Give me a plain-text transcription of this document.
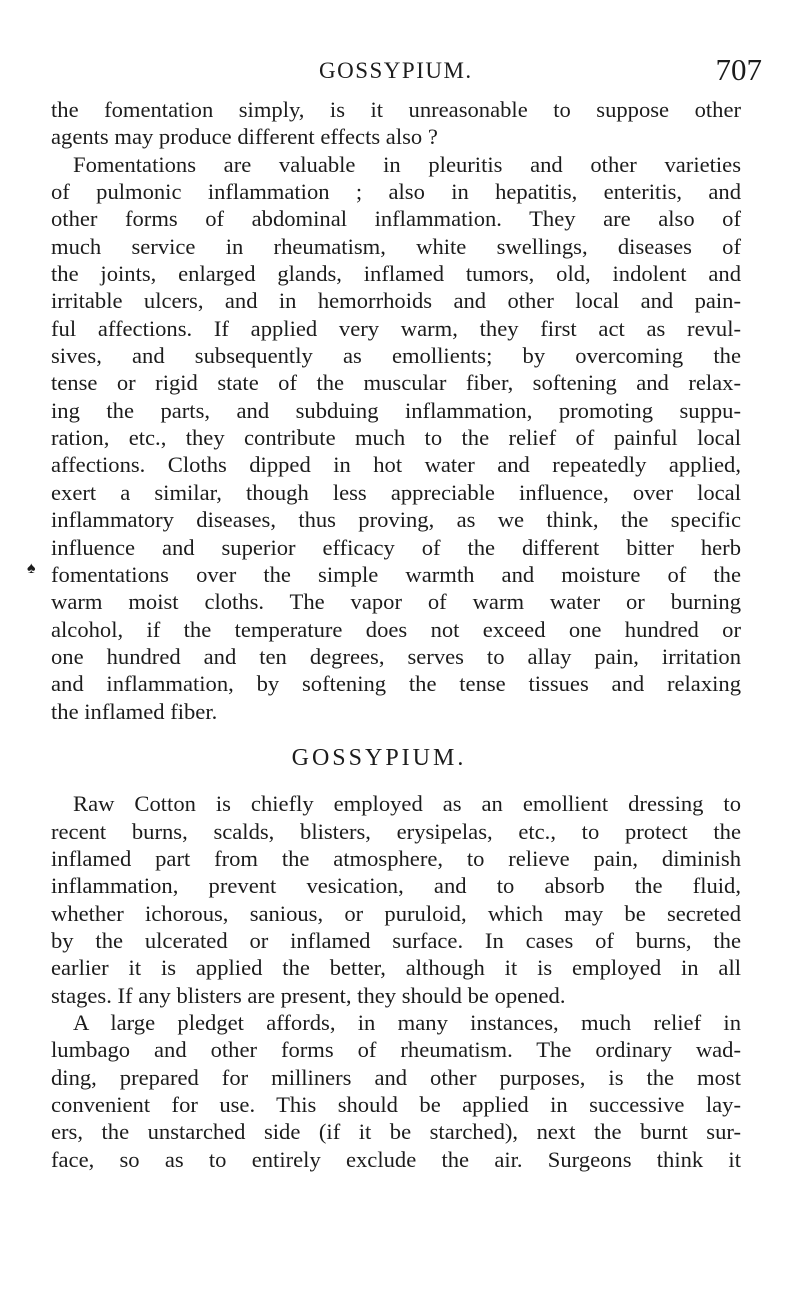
GOSSYPIUM.	707
♠
the fomentation simply, is it unreasonable to suppose other
agents may produce different effects also ?
Fomentations are valuable in pleuritis and other varieties
of pulmonic inflammation ; also in hepatitis, enteritis, and
other forms of abdominal inflammation. They are also of
much service in rheumatism, white swellings, diseases of
the joints, enlarged glands, inflamed tumors, old, indolent and
irritable ulcers, and in hemorrhoids and other local and pain-
ful affections. If applied very warm, they first act as revul-
sives, and subsequently as emollients; by overcoming the
tense or rigid state of the muscular fiber, softening and relax-
ing the parts, and subduing inflammation, promoting suppu-
ration, etc., they contribute much to the relief of painful local
affections. Cloths dipped in hot water and repeatedly applied,
exert a similar, though less appreciable influence, over local
inflammatory diseases, thus proving, as we think, the specific
influence and superior efficacy of the different bitter herb
fomentations over the simple warmth and moisture of the
warm moist cloths. The vapor of warm water or burning
alcohol, if the temperature does not exceed one hundred or
one hundred and ten degrees, serves to allay pain, irritation
and inflammation, by softening the tense tissues and relaxing
the inflamed fiber.
GOSSYPIUM.
Raw Cotton is chiefly employed as an emollient dressing to
recent burns, scalds, blisters, erysipelas, etc., to protect the
inflamed part from the atmosphere, to relieve pain, diminish
inflammation, prevent vesication, and to absorb the fluid,
whether ichorous, sanious, or puruloid, which may be secreted
by the ulcerated or inflamed surface. In cases of burns, the
earlier it is applied the better, although it is employed in all
stages. If any blisters are present, they should be opened.
A large pledget affords, in many instances, much relief in
lumbago and other forms of rheumatism. The ordinary wad-
ding, prepared for milliners and other purposes, is the most
convenient for use. This should be applied in successive lay-
ers, the unstarched side (if it be starched), next the burnt sur-
face, so as to entirely exclude the air. Surgeons think it
